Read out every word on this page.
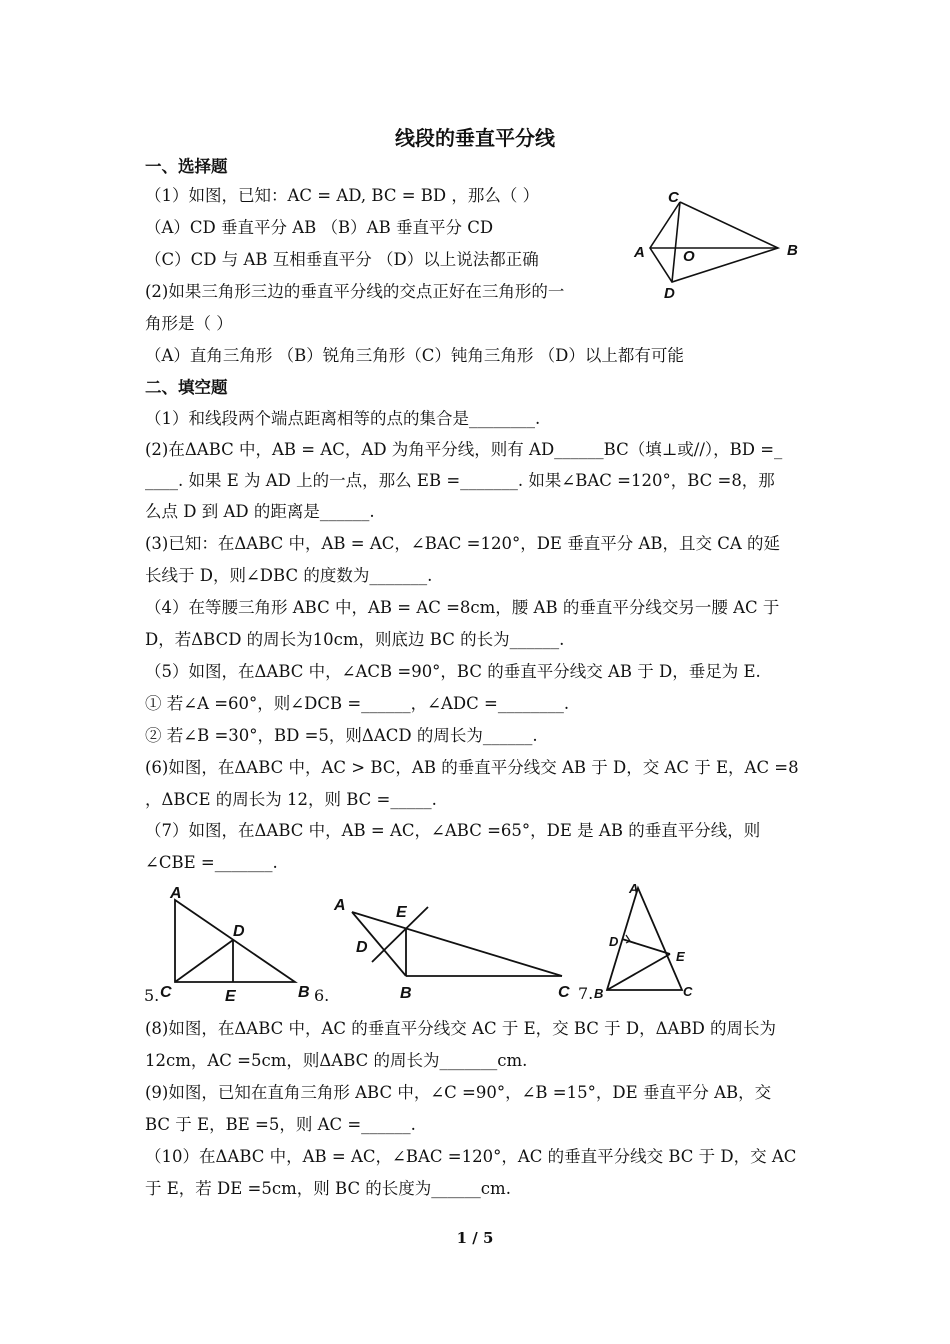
线段的垂直平分线
一、选择题
（1）如图，已知：AC = AD, BC = BD ，那么（ ）
（A）CD 垂直平分 AB （B）AB 垂直平分 CD
（C）CD 与 AB 互相垂直平分 （D）以上说法都正确
(2)如果三角形三边的垂直平分线的交点正好在三角形的一
角形是（ ）
（A）直角三角形 （B）锐角三角形（C）钝角三角形 （D）以上都有可能
二、填空题
（1）和线段两个端点距离相等的点的集合是________.
(2)在ΔABC 中，AB = AC，AD 为角平分线，则有 AD______BC（填⊥或//），BD =_
____. 如果 E 为 AD 上的一点，那么 EB =_______. 如果∠BAC =120°，BC =8，那
么点 D 到 AD 的距离是______.
(3)已知：在ΔABC 中，AB = AC，∠BAC =120°，DE 垂直平分 AB，且交 CA 的延
长线于 D，则∠DBC 的度数为_______.
（4）在等腰三角形 ABC 中，AB = AC =8cm，腰 AB 的垂直平分线交另一腰 AC 于
D，若ΔBCD 的周长为10cm，则底边 BC 的长为______.
（5）如图，在ΔABC 中，∠ACB =90°，BC 的垂直平分线交 AB 于 D，垂足为 E.
① 若∠A =60°，则∠DCB =______，∠ADC =________.
② 若∠B =30°，BD =5，则ΔACD 的周长为______.
(6)如图，在ΔABC 中，AC > BC，AB 的垂直平分线交 AB 于 D，交 AC 于 E，AC =8
，ΔBCE 的周长为 12，则 BC =_____.
（7）如图，在ΔABC 中，AB = AC，∠ABC =65°，DE 是 AB 的垂直平分线，则
∠CBE =_______.
(8)如图，在ΔABC 中，AC 的垂直平分线交 AC 于 E，交 BC 于 D，ΔABD 的周长为
12cm，AC =5cm，则ΔABC 的周长为_______cm.
(9)如图，已知在直角三角形 ABC 中，∠C =90°，∠B =15°，DE 垂直平分 AB，交
BC 于 E，BE =5，则 AC =______.
（10）在ΔABC 中，AB = AC，∠BAC =120°，AC 的垂直平分线交 BC 于 D，交 AC
于 E，若 DE =5cm，则 BC 的长度为______cm.
C
A	O	B
D
A
D
C	E	B
5.
A	E
D
B	C
6.
A
D
E
B	C
7.
1 / 5
